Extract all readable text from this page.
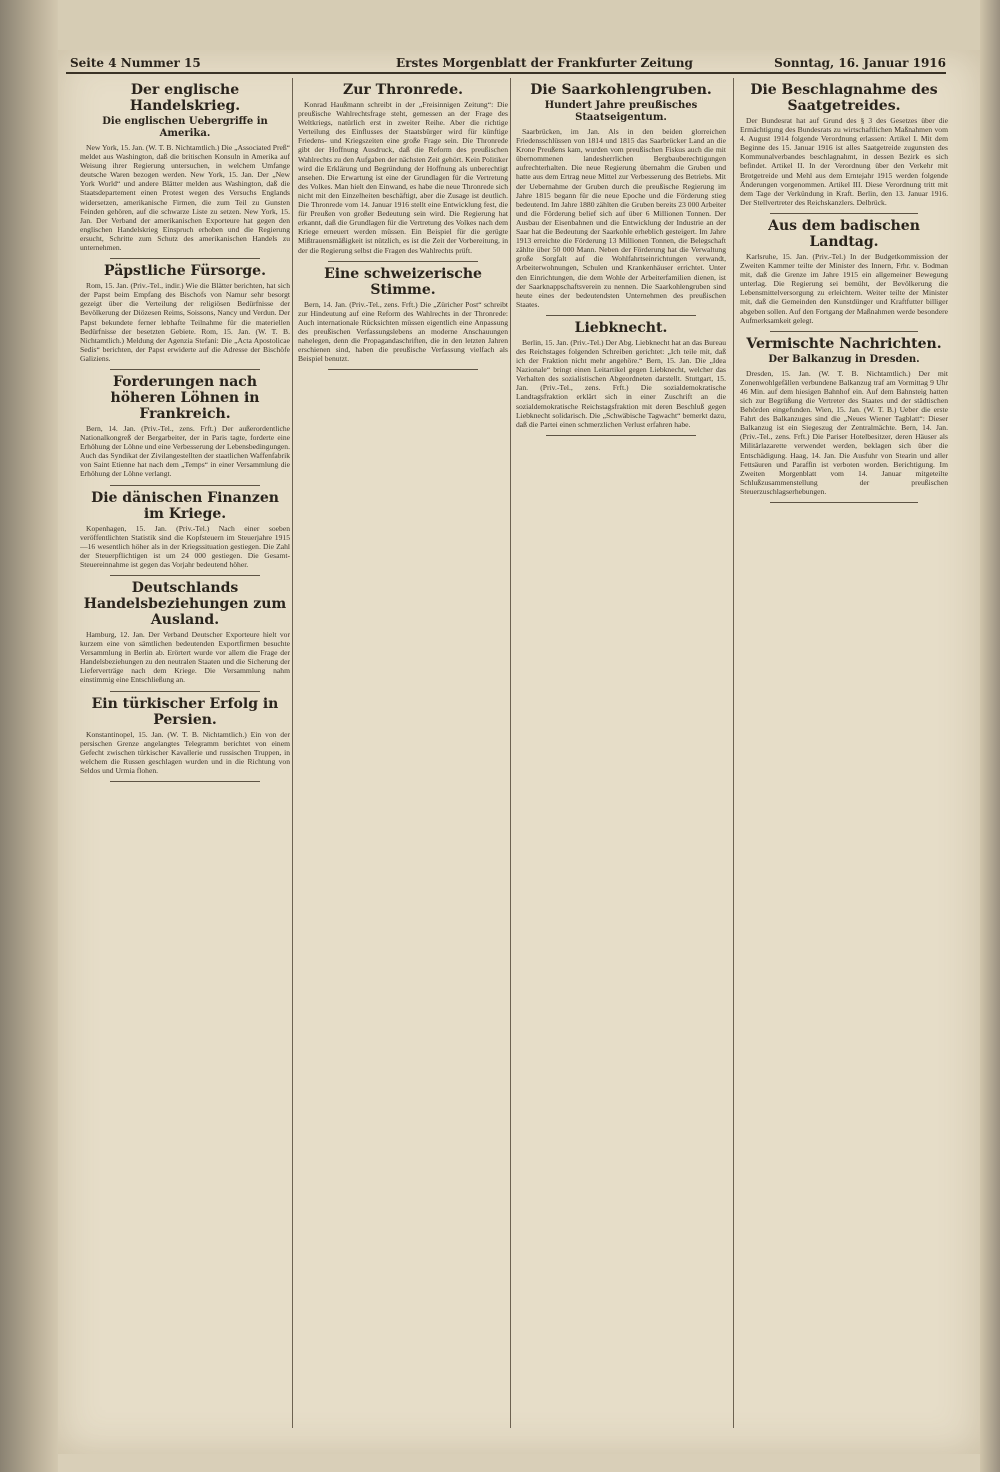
Seite 4 Nummer 15	Erstes Morgenblatt der Frankfurter Zeitung	Sonntag, 16. Januar 1916
Der englische Handelskrieg.
Die englischen Uebergriffe in Amerika.
New York, 15. Jan. (W. T. B. Nichtamtlich.) Die „Associated Preß“ meldet aus Washington, daß die britischen Konsuln in Amerika auf Weisung ihrer Regierung untersuchen, in welchem Umfange deutsche Waren bezogen werden. New York, 15. Jan. Der „New York World“ und andere Blätter melden aus Washington, daß die Staatsdepartement einen Protest wegen des Versuchs Englands widersetzen, amerikanische Firmen, die zum Teil zu Gunsten Feinden gehören, auf die schwarze Liste zu setzen. New York, 15. Jan. Der Verband der amerikanischen Exporteure hat gegen den englischen Handelskrieg Einspruch erhoben und die Regierung ersucht, Schritte zum Schutz des amerikanischen Handels zu unternehmen.
Päpstliche Fürsorge.
Rom, 15. Jan. (Priv.-Tel., indir.) Wie die Blätter berichten, hat sich der Papst beim Empfang des Bischofs von Namur sehr besorgt gezeigt über die Verteilung der religiösen Bedürfnisse der Bevölkerung der Diözesen Reims, Soissons, Nancy und Verdun. Der Papst bekundete ferner lebhafte Teilnahme für die materiellen Bedürfnisse der besetzten Gebiete. Rom, 15. Jan. (W. T. B. Nichtamtlich.) Meldung der Agenzia Stefani: Die „Acta Apostolicae Sedis“ berichten, der Papst erwiderte auf die Adresse der Bischöfe Galiziens.
Forderungen nach höheren Löhnen in Frankreich.
Bern, 14. Jan. (Priv.-Tel., zens. Frft.) Der außerordentliche Nationalkongreß der Bergarbeiter, der in Paris tagte, forderte eine Erhöhung der Löhne und eine Verbesserung der Lebensbedingungen. Auch das Syndikat der Zivilangestellten der staatlichen Waffenfabrik von Saint Etienne hat nach dem „Temps“ in einer Versammlung die Erhöhung der Löhne verlangt.
Die dänischen Finanzen im Kriege.
Kopenhagen, 15. Jan. (Priv.-Tel.) Nach einer soeben veröffentlichten Statistik sind die Kopfsteuern im Steuerjahre 1915—16 wesentlich höher als in der Kriegssituation gestiegen. Die Zahl der Steuerpflichtigen ist um 24 000 gestiegen. Die Gesamt-Steuereinnahme ist gegen das Vorjahr bedeutend höher.
Deutschlands Handelsbeziehungen zum Ausland.
Hamburg, 12. Jan. Der Verband Deutscher Exporteure hielt vor kurzem eine von sämtlichen bedeutenden Exportfirmen besuchte Versammlung in Berlin ab. Erörtert wurde vor allem die Frage der Handelsbeziehungen zu den neutralen Staaten und die Sicherung der Lieferverträge nach dem Kriege. Die Versammlung nahm einstimmig eine Entschließung an.
Ein türkischer Erfolg in Persien.
Konstantinopel, 15. Jan. (W. T. B. Nichtamtlich.) Ein von der persischen Grenze angelangtes Telegramm berichtet von einem Gefecht zwischen türkischer Kavallerie und russischen Truppen, in welchem die Russen geschlagen wurden und in die Richtung von Seldos und Urmia flohen.
Zur Thronrede.
Konrad Haußmann schreibt in der „Freisinnigen Zeitung“: Die preußische Wahlrechtsfrage steht, gemessen an der Frage des Weltkriegs, natürlich erst in zweiter Reihe. Aber die richtige Verteilung des Einflusses der Staatsbürger wird für künftige Friedens- und Kriegszeiten eine große Frage sein. Die Thronrede gibt der Hoffnung Ausdruck, daß die Reform des preußischen Wahlrechts zu den Aufgaben der nächsten Zeit gehört. Kein Politiker wird die Erklärung und Begründung der Hoffnung als unberechtigt ansehen. Die Erwartung ist eine der Grundlagen für die Vertretung des Volkes. Man hielt den Einwand, es habe die neue Thronrede sich nicht mit den Einzelheiten beschäftigt, aber die Zusage ist deutlich. Die Thronrede vom 14. Januar 1916 stellt eine Entwicklung fest, die für Preußen von großer Bedeutung sein wird. Die Regierung hat erkannt, daß die Grundlagen für die Vertretung des Volkes nach dem Kriege erneuert werden müssen. Ein Beispiel für die gerügte Mißtrauensmäßigkeit ist nützlich, es ist die Zeit der Vorbereitung, in der die Regierung selbst die Fragen des Wahlrechts prüft.
Eine schweizerische Stimme.
Bern, 14. Jan. (Priv.-Tel., zens. Frft.) Die „Züricher Post“ schreibt zur Hindeutung auf eine Reform des Wahlrechts in der Thronrede: Auch internationale Rücksichten müssen eigentlich eine Anpassung des preußischen Verfassungslebens an moderne Anschauungen nahelegen, denn die Propagandaschriften, die in den letzten Jahren erschienen sind, haben die preußische Verfassung vielfach als Beispiel benutzt.
Die Saarkohlengruben.
Hundert Jahre preußisches Staatseigentum.
Saarbrücken, im Jan. Als in den beiden glorreichen Friedensschlüssen von 1814 und 1815 das Saarbrücker Land an die Krone Preußens kam, wurden vom preußischen Fiskus auch die mit übernommenen landesherrlichen Bergbauberechtigungen aufrechterhalten. Die neue Regierung übernahm die Gruben und hatte aus dem Ertrag neue Mittel zur Verbesserung des Betriebs. Mit der Uebernahme der Gruben durch die preußische Regierung im Jahre 1815 begann für die neue Epoche und die Förderung stieg bedeutend. Im Jahre 1880 zählten die Gruben bereits 23 000 Arbeiter und die Förderung belief sich auf über 6 Millionen Tonnen. Der Ausbau der Eisenbahnen und die Entwicklung der Industrie an der Saar hat die Bedeutung der Saarkohle erheblich gesteigert. Im Jahre 1913 erreichte die Förderung 13 Millionen Tonnen, die Belegschaft zählte über 50 000 Mann. Neben der Förderung hat die Verwaltung große Sorgfalt auf die Wohlfahrtseinrichtungen verwandt, Arbeiterwohnungen, Schulen und Krankenhäuser errichtet. Unter den Einrichtungen, die dem Wohle der Arbeiterfamilien dienen, ist der Saarknappschaftsverein zu nennen. Die Saarkohlengruben sind heute eines der bedeutendsten Unternehmen des preußischen Staates.
Liebknecht.
Berlin, 15. Jan. (Priv.-Tel.) Der Abg. Liebknecht hat an das Bureau des Reichstages folgenden Schreiben gerichtet: „Ich teile mit, daß ich der Fraktion nicht mehr angehöre.“ Bern, 15. Jan. Die „Idea Nazionale“ bringt einen Leitartikel gegen Liebknecht, welcher das Verhalten des sozialistischen Abgeordneten darstellt. Stuttgart, 15. Jan. (Priv.-Tel., zens. Frft.) Die sozialdemokratische Landtagsfraktion erklärt sich in einer Zuschrift an die sozialdemokratische Reichstagsfraktion mit deren Beschluß gegen Liebknecht solidarisch. Die „Schwäbische Tagwacht“ bemerkt dazu, daß die Partei einen schmerzlichen Verlust erfahren habe.
Die Beschlagnahme des Saatgetreides.
Der Bundesrat hat auf Grund des § 3 des Gesetzes über die Ermächtigung des Bundesrats zu wirtschaftlichen Maßnahmen vom 4. August 1914 folgende Verordnung erlassen: Artikel I. Mit dem Beginne des 15. Januar 1916 ist alles Saatgetreide zugunsten des Kommunalverbandes beschlagnahmt, in dessen Bezirk es sich befindet. Artikel II. In der Verordnung über den Verkehr mit Brotgetreide und Mehl aus dem Erntejahr 1915 werden folgende Änderungen vorgenommen. Artikel III. Diese Verordnung tritt mit dem Tage der Verkündung in Kraft. Berlin, den 13. Januar 1916. Der Stellvertreter des Reichskanzlers. Delbrück.
Aus dem badischen Landtag.
Karlsruhe, 15. Jan. (Priv.-Tel.) In der Budgetkommission der Zweiten Kammer teilte der Minister des Innern, Frhr. v. Bodman mit, daß die Grenze im Jahre 1915 ein allgemeiner Bewegung unterlag. Die Regierung sei bemüht, der Bevölkerung die Lebensmittelversorgung zu erleichtern. Weiter teilte der Minister mit, daß die Gemeinden den Kunstdünger und Kraftfutter billiger abgeben sollen. Auf den Fortgang der Maßnahmen werde besondere Aufmerksamkeit gelegt.
Vermischte Nachrichten.
Der Balkanzug in Dresden.
Dresden, 15. Jan. (W. T. B. Nichtamtlich.) Der mit Zonenwohlgefällen verbundene Balkanzug traf am Vormittag 9 Uhr 46 Min. auf dem hiesigen Bahnhof ein. Auf dem Bahnsteig hatten sich zur Begrüßung die Vertreter des Staates und der städtischen Behörden eingefunden. Wien, 15. Jan. (W. T. B.) Ueber die erste Fahrt des Balkanzuges sind die „Neues Wiener Tagblatt“: Dieser Balkanzug ist ein Siegeszug der Zentralmächte. Bern, 14. Jan. (Priv.-Tel., zens. Frft.) Die Pariser Hotelbesitzer, deren Häuser als Militärlazarette verwendet werden, beklagen sich über die Entschädigung. Haag, 14. Jan. Die Ausfuhr von Stearin und aller Fettsäuren und Paraffin ist verboten worden. Berichtigung. Im Zweiten Morgenblatt vom 14. Januar mitgeteilte Schlußzusammenstellung der preußischen Steuerzuschlagserhebungen.
